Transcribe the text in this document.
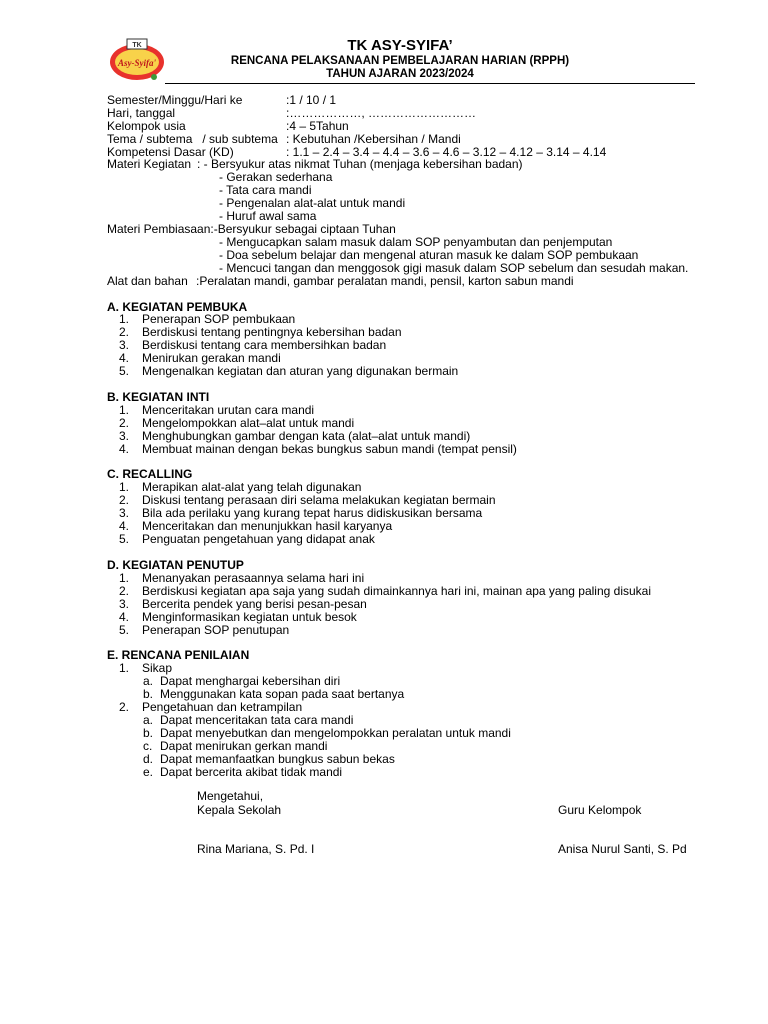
TK
Asy-Syifa'
TK ASY-SYIFA’
RENCANA PELAKSANAAN PEMBELAJARAN HARIAN (RPPH)
TAHUN AJARAN 2023/2024
Semester/Minggu/Hari ke	:1 / 10 / 1
Hari, tanggal	:………………, ………………………
Kelompok usia	:4 – 5Tahun
Tema / subtema   / sub subtema : Kebutuhan /Kebersihan / Mandi
Kompetensi Dasar (KD)	: 1.1 – 2.4 – 3.4 – 4.4 – 3.6 – 4.6 – 3.12 – 4.12 – 3.14 – 4.14
Materi Kegiatan : - Bersyukur atas nikmat Tuhan (menjaga kebersihan badan)
- Gerakan sederhana
- Tata cara mandi
- Pengenalan alat-alat untuk mandi
- Huruf awal sama
Materi Pembiasaan:-Bersyukur sebagai ciptaan Tuhan
- Mengucapkan salam masuk dalam SOP penyambutan dan penjemputan
- Doa sebelum belajar dan mengenal aturan masuk ke dalam SOP pembukaan
- Mencuci tangan dan menggosok gigi masuk dalam SOP sebelum dan sesudah makan.
Alat dan bahan :Peralatan mandi, gambar peralatan mandi, pensil, karton sabun mandi
A. KEGIATAN PEMBUKA
1. Penerapan SOP pembukaan
2. Berdiskusi tentang pentingnya kebersihan badan
3. Berdiskusi tentang cara membersihkan badan
4. Menirukan gerakan mandi
5. Mengenalkan kegiatan dan aturan yang digunakan bermain
B. KEGIATAN INTI
1. Menceritakan urutan cara mandi
2. Mengelompokkan alat–alat untuk mandi
3. Menghubungkan gambar dengan kata (alat–alat untuk mandi)
4. Membuat mainan dengan bekas bungkus sabun mandi (tempat pensil)
C. RECALLING
1. Merapikan alat-alat yang telah digunakan
2. Diskusi tentang perasaan diri selama melakukan kegiatan bermain
3. Bila ada perilaku yang kurang tepat harus didiskusikan bersama
4. Menceritakan dan menunjukkan hasil karyanya
5. Penguatan pengetahuan yang didapat anak
D. KEGIATAN PENUTUP
1. Menanyakan perasaannya selama hari ini
2. Berdiskusi kegiatan apa saja yang sudah dimainkannya hari ini, mainan apa yang paling disukai
3. Bercerita pendek yang berisi pesan-pesan
4. Menginformasikan kegiatan untuk besok
5. Penerapan SOP penutupan
E. RENCANA PENILAIAN
1. Sikap
a. Dapat menghargai kebersihan diri
b. Menggunakan kata sopan pada saat bertanya
2. Pengetahuan dan ketrampilan
a. Dapat menceritakan tata cara mandi
b. Dapat menyebutkan dan mengelompokkan peralatan untuk mandi
c. Dapat menirukan gerkan mandi
d. Dapat memanfaatkan bungkus sabun bekas
e. Dapat bercerita akibat tidak mandi
Mengetahui,
Kepala Sekolah	Guru Kelompok
Rina Mariana, S. Pd. I	Anisa Nurul Santi, S. Pd
